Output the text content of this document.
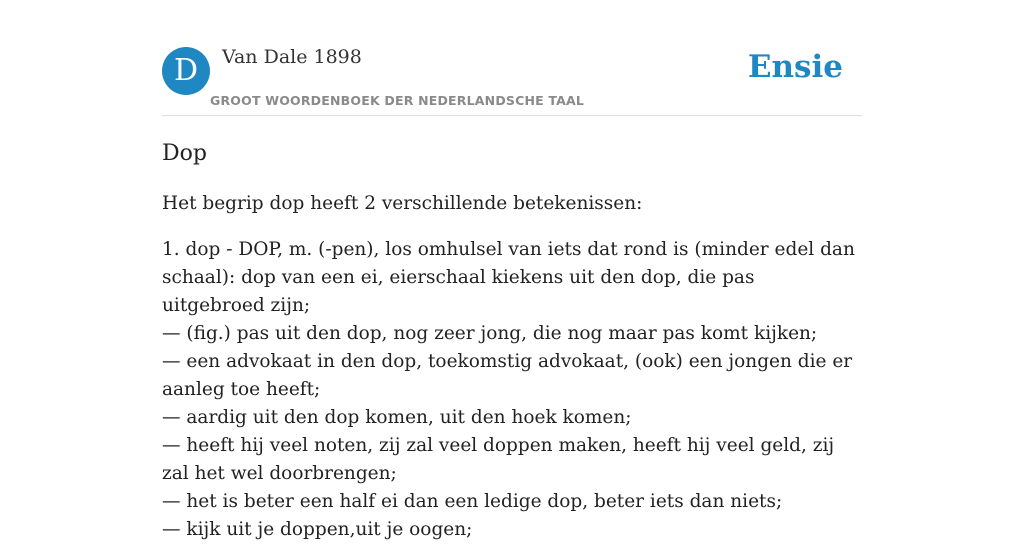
D	Van Dale 1898
GROOT WOORDENBOEK DER NEDERLANDSCHE TAAL
Ensie
Dop

Het begrip dop heeft 2 verschillende betekenissen:

1. dop - DOP, m. (-pen), los omhulsel van iets dat rond is (minder edel dan schaal): dop van een ei, eierschaal kiekens uit den dop, die pas uitgebroed zijn;
— (fig.) pas uit den dop, nog zeer jong, die nog maar pas komt kijken;
— een advokaat in den dop, toekomstig advokaat, (ook) een jongen die er aanleg toe heeft;
— aardig uit den dop komen, uit den hoek komen;
— heeft hij veel noten, zij zal veel doppen maken, heeft hij veel geld, zij zal het wel doorbrengen;
— het is beter een half ei dan een ledige dop, beter iets dan niets;
— kijk uit je doppen,uit je oogen;
